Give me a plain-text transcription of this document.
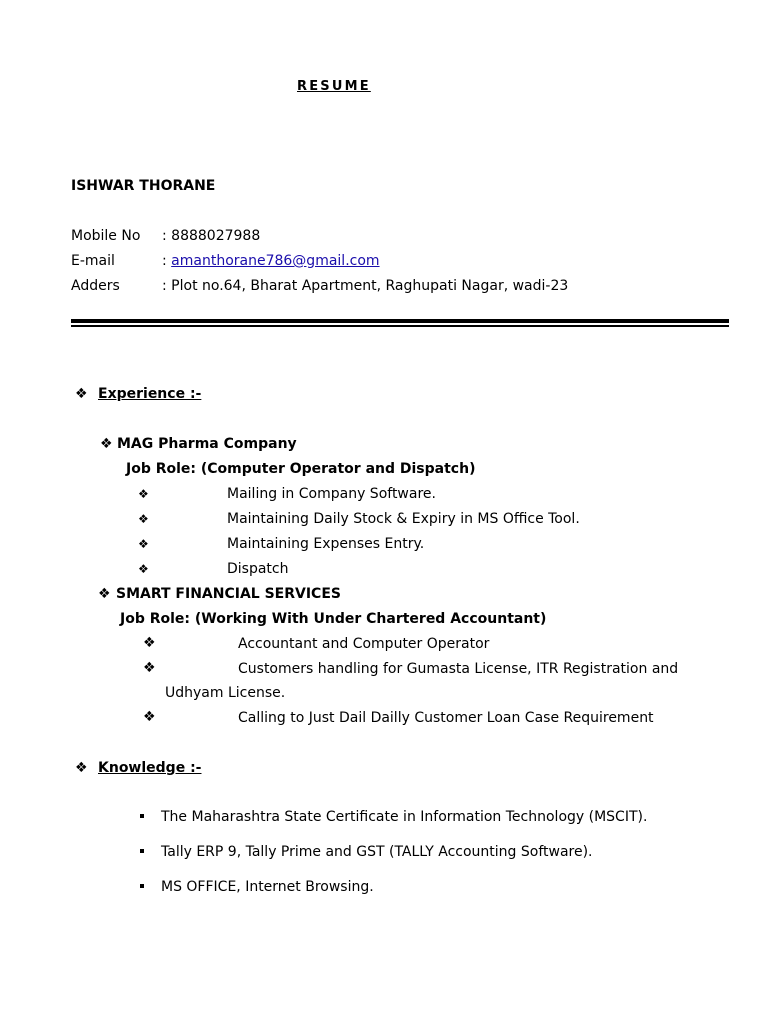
RESUME
ISHWAR THORANE
Mobile No : 8888027988
E-mail	: amanthorane786@gmail.com
Adders	: Plot no.64, Bharat Apartment, Raghupati Nagar, wadi-23
❖ Experience :-
❖ MAG Pharma Company
Job Role: (Computer Operator and Dispatch)
❖	Mailing in Company Software.
❖	Maintaining Daily Stock & Expiry in MS Office Tool.
❖	Maintaining Expenses Entry.
❖	Dispatch
❖ SMART FINANCIAL SERVICES
Job Role: (Working With Under Chartered Accountant)
❖	Accountant and Computer Operator
❖	Customers handling for Gumasta License, ITR Registration and
Udhyam License.
❖	Calling to Just Dail Dailly Customer Loan Case Requirement
❖ Knowledge :-
The Maharashtra State Certificate in Information Technology (MSCIT).
Tally ERP 9, Tally Prime and GST (TALLY Accounting Software).
MS OFFICE, Internet Browsing.
